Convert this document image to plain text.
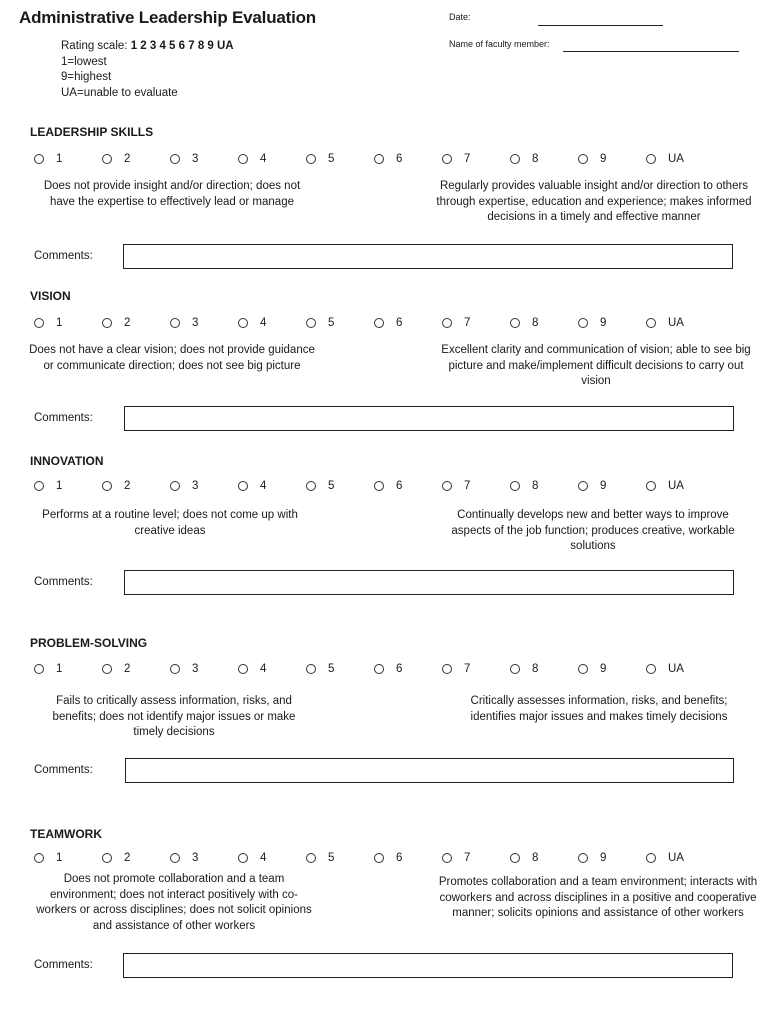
Administrative Leadership Evaluation	Date:
Name of faculty member:
Rating scale: 1 2 3 4 5 6 7 8 9 UA
1=lowest
9=highest
UA=unable to evaluate
LEADERSHIP SKILLS
1	2	3	4	5	6	7	8	9	UA
Does not provide insight and/or direction; does not have the expertise to effectively lead or manage
Regularly provides valuable insight and/or direction to others through expertise, education and experience; makes informed decisions in a timely and effective manner
Comments:
VISION
1	2	3	4	5	6	7	8	9	UA
Does not have a clear vision; does not provide guidance or communicate direction; does not see big picture
Excellent clarity and communication of vision; able to see big picture and make/implement difficult decisions to carry out vision
Comments:
INNOVATION
1	2	3	4	5	6	7	8	9	UA
Performs at a routine level; does not come up with creative ideas
Continually develops new and better ways to improve aspects of the job function; produces creative, workable solutions
Comments:
PROBLEM-SOLVING
1	2	3	4	5	6	7	8	9	UA
Fails to critically assess information, risks, and benefits; does not identify major issues or make timely decisions
Critically assesses information, risks, and benefits; identifies major issues and makes timely decisions
Comments:
TEAMWORK
1	2	3	4	5	6	7	8	9	UA
Does not promote collaboration and a team environment; does not interact positively with co-workers or across disciplines; does not solicit opinions and assistance of other workers
Promotes collaboration and a team environment; interacts with coworkers and across disciplines in a positive and cooperative manner; solicits opinions and assistance of other workers
Comments:
